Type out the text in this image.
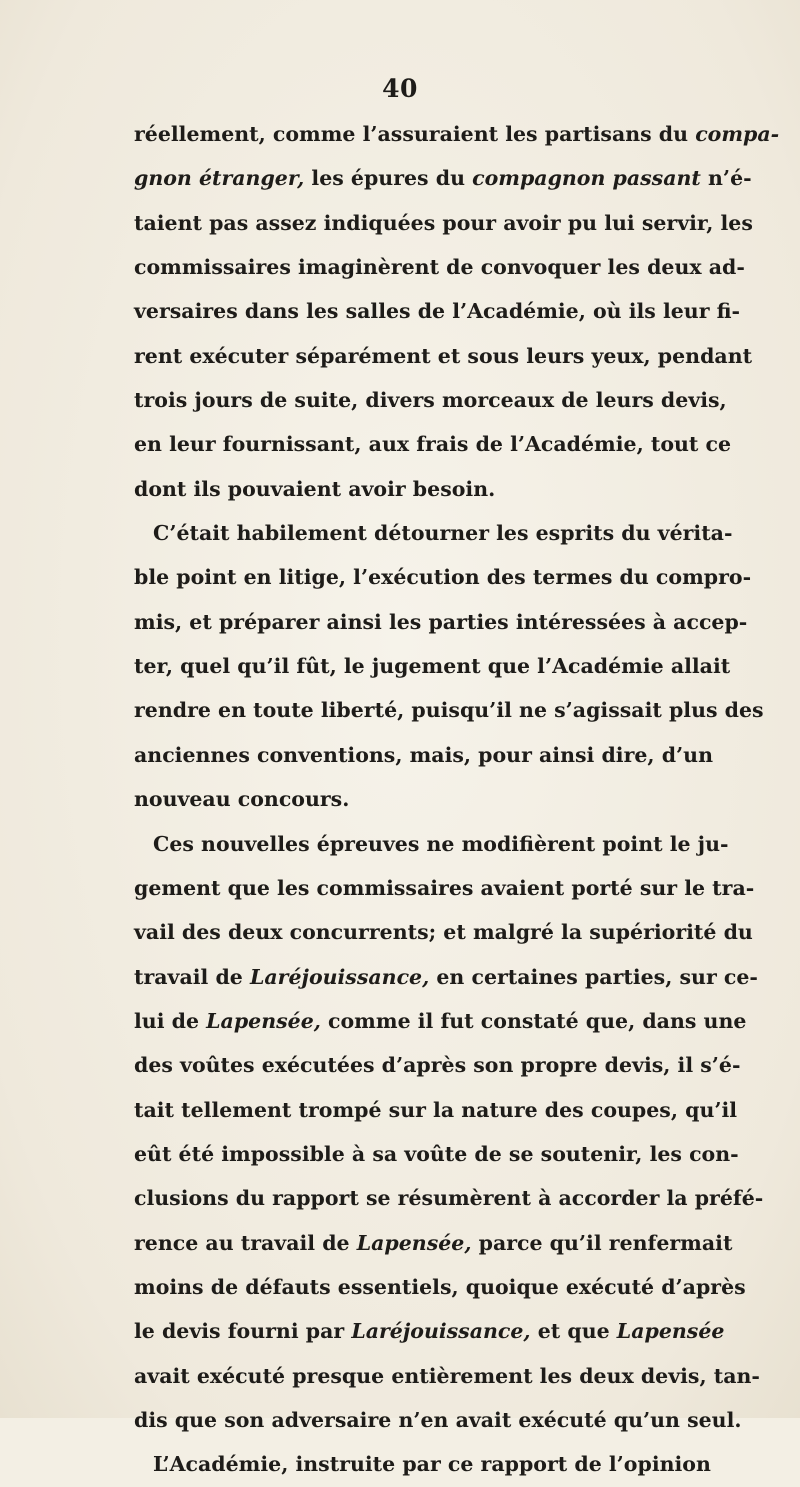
40
réellement, comme l’assuraient les partisans du compa-
gnon étranger, les épures du compagnon passant n’é-
taient pas assez indiquées pour avoir pu lui servir, les
commissaires imaginèrent de convoquer les deux ad-
versaires dans les salles de l’Académie, où ils leur fi-
rent exécuter séparément et sous leurs yeux, pendant
trois jours de suite, divers morceaux de leurs devis,
en leur fournissant, aux frais de l’Académie, tout ce
dont ils pouvaient avoir besoin.
C’était habilement détourner les esprits du vérita-
ble point en litige, l’exécution des termes du compro-
mis, et préparer ainsi les parties intéressées à accep-
ter, quel qu’il fût, le jugement que l’Académie allait
rendre en toute liberté, puisqu’il ne s’agissait plus des
anciennes conventions, mais, pour ainsi dire, d’un
nouveau concours.
Ces nouvelles épreuves ne modifièrent point le ju-
gement que les commissaires avaient porté sur le tra-
vail des deux concurrents; et malgré la supériorité du
travail de Laréjouissance, en certaines parties, sur ce-
lui de Lapensée, comme il fut constaté que, dans une
des voûtes exécutées d’après son propre devis, il s’é-
tait tellement trompé sur la nature des coupes, qu’il
eût été impossible à sa voûte de se soutenir, les con-
clusions du rapport se résumèrent à accorder la préfé-
rence au travail de Lapensée, parce qu’il renfermait
moins de défauts essentiels, quoique exécuté d’après
le devis fourni par Laréjouissance, et que Lapensée
avait exécuté presque entièrement les deux devis, tan-
dis que son adversaire n’en avait exécuté qu’un seul.
L’Académie, instruite par ce rapport de l’opinion
